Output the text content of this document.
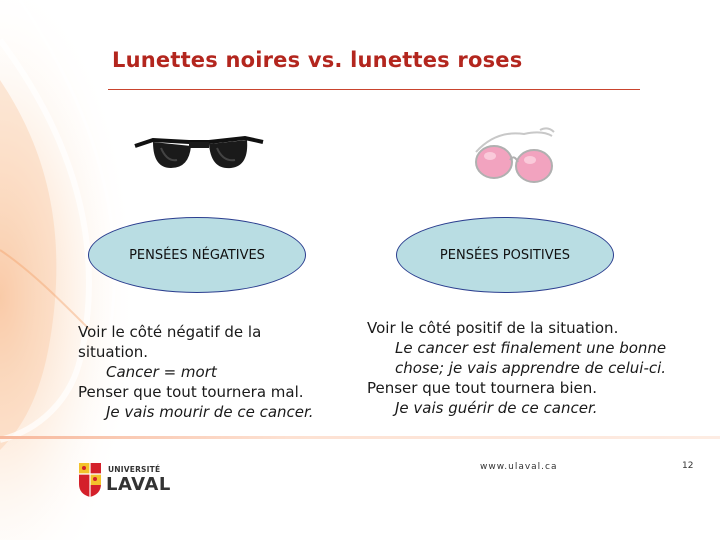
Lunettes noires vs. lunettes roses
PENSÉES NÉGATIVES	PENSÉES POSITIVES
Voir le côté négatif de la
situation.
Cancer = mort
Penser que tout tournera mal.
Je vais mourir de ce cancer.
Voir le côté positif de la situation.
Le cancer est finalement une bonne
chose; je vais apprendre de celui-ci.
Penser que tout tournera bien.
Je vais guérir de ce cancer.
UNIVERSITÉ
LAVAL
www.ulaval.ca	12
